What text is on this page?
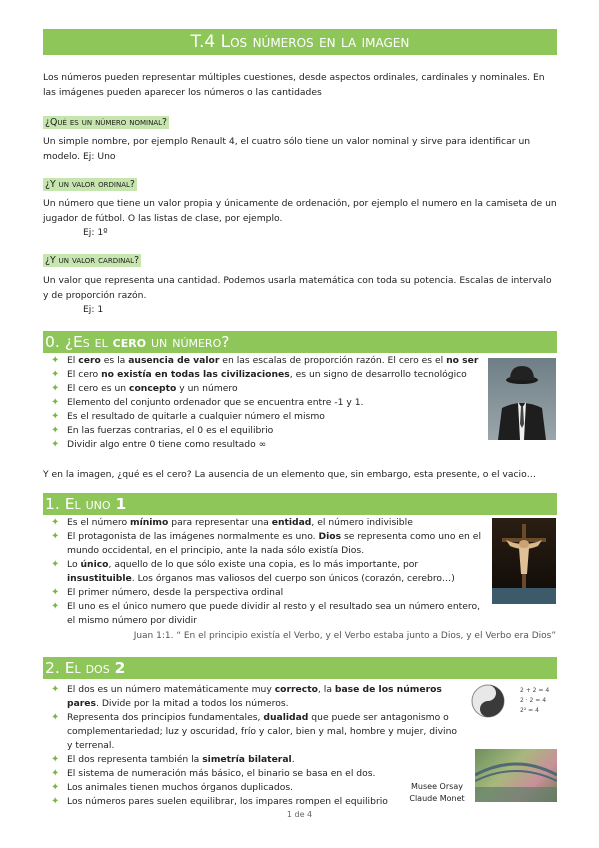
T.4 Los números en la imagen
Los números pueden representar múltiples cuestiones, desde aspectos ordinales, cardinales y nominales. En las imágenes pueden aparecer los números o las cantidades
¿Qué es un número nominal?
Un simple nombre, por ejemplo Renault 4, el cuatro sólo tiene un valor nominal y sirve para identificar un modelo. Ej: Uno
¿Y un valor ordinal?
Un número que tiene un valor propia y únicamente de ordenación, por ejemplo el numero en la camiseta de un jugador de fútbol. O las listas de clase, por ejemplo.
Ej: 1º
¿Y un valor cardinal?
Un valor que representa una cantidad. Podemos usarla matemática con toda su potencia. Escalas de intervalo y de proporción razón.
Ej: 1
0. ¿Es el cero un número?
✦ El cero es la ausencia de valor en las escalas de proporción razón. El cero es el no ser
✦ El cero no existía en todas las civilizaciones, es un signo de desarrollo tecnológico
✦ El cero es un concepto y un número
✦ Elemento del conjunto ordenador que se encuentra entre -1 y 1.
✦ Es el resultado de quitarle a cualquier número el mismo
✦ En las fuerzas contrarias, el 0 es el equilibrio
✦ Dividir algo entre 0 tiene como resultado ∞
Y en la imagen, ¿qué es el cero? La ausencia de un elemento que, sin embargo, esta presente, o el vacio…
1. El uno 1
✦ Es el número mínimo para representar una entidad, el número indivisible
✦ El protagonista de las imágenes normalmente es uno. Dios se representa como uno en el mundo occidental, en el principio, ante la nada sólo existía Dios.
✦ Lo único, aquello de lo que sólo existe una copia, es lo más importante, por insustituible. Los órganos mas valiosos del cuerpo son únicos (corazón, cerebro…)
✦ El primer número, desde la perspectiva ordinal
✦ El uno es el único numero que puede dividir al resto y el resultado sea un número entero, el mismo número por dividir
Juan 1:1. “ En el principio existía el Verbo, y el Verbo estaba junto a Dios, y el Verbo era Dios”
2. El dos 2
✦ El dos es un número matemáticamente muy correcto, la base de los números pares. Divide por la mitad a todos los números.
✦ Representa dos principios fundamentales, dualidad que puede ser antagonismo o complementariedad; luz y oscuridad, frío y calor, bien y mal, hombre y mujer, divino y terrenal.
✦ El dos representa también la simetría bilateral.
✦ El sistema de numeración más básico, el binario se basa en el dos.
✦ Los animales tienen muchos órganos duplicados.
✦ Los números pares suelen equilibrar, los impares rompen el equilibrio
2 + 2 = 4
2 · 2 = 4
2² = 4
Musee Orsay
Claude Monet
1 de 4
